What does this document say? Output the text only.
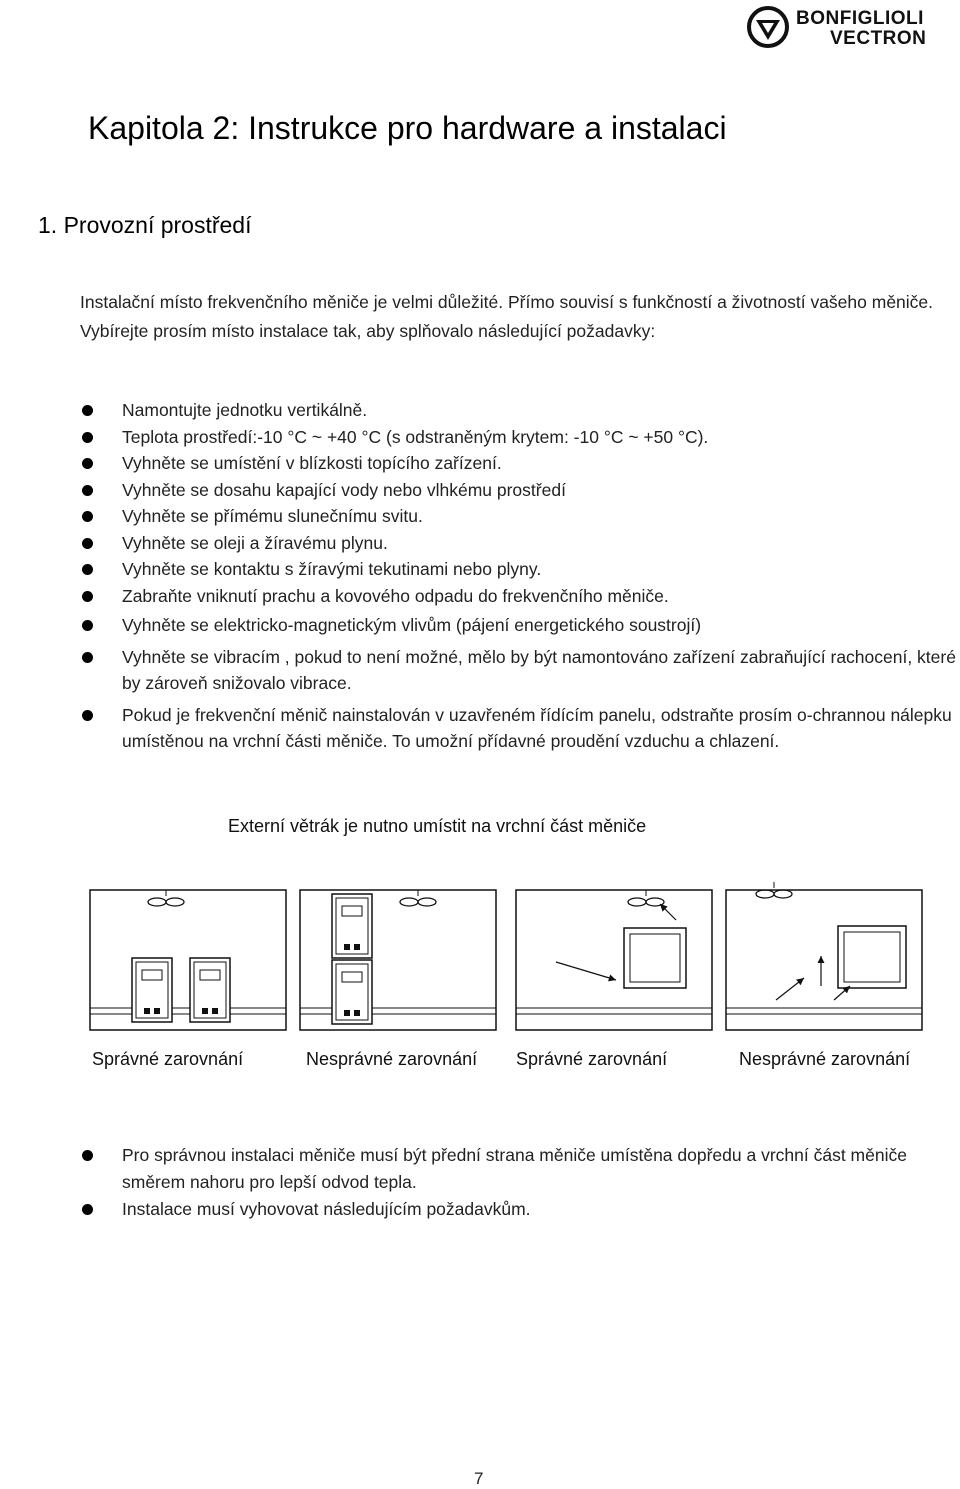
BONFIGLIOLI
VECTRON
Kapitola 2: Instrukce pro hardware a instalaci
1. Provozní prostředí
Instalační místo frekvenčního měniče je velmi důležité. Přímo souvisí s funkčností a životností vašeho měniče. Vybírejte prosím místo instalace tak, aby splňovalo následující požadavky:
Namontujte jednotku vertikálně.
Teplota prostředí:-10 °C ~ +40 °C (s odstraněným krytem: -10 °C ~ +50 °C).
Vyhněte se umístění v blízkosti topícího zařízení.
Vyhněte se dosahu kapající vody nebo vlhkému prostředí
Vyhněte se přímému slunečnímu svitu.
Vyhněte se oleji a žíravému plynu.
Vyhněte se kontaktu s žíravými tekutinami nebo plyny.
Zabraňte vniknutí prachu a kovového odpadu do frekvenčního měniče.
Vyhněte se elektricko-magnetickým vlivům (pájení energetického soustrojí)
Vyhněte se vibracím , pokud to není možné, mělo by být namontováno zařízení zabraňující rachocení, které by zároveň snižovalo vibrace.
Pokud je frekvenční měnič nainstalován v uzavřeném řídícím panelu, odstraňte prosím o-chrannou nálepku umístěnou na vrchní části měniče. To umožní přídavné proudění vzduchu a chlazení.
Externí větrák je nutno umístit na vrchní část měniče
Správné zarovnání	Nesprávné zarovnání Správné zarovnání	Nesprávné zarovnání
Pro správnou instalaci měniče musí být přední strana měniče umístěna dopředu a vrchní část měniče směrem nahoru pro lepší odvod tepla.
Instalace musí vyhovovat následujícím požadavkům.
7
